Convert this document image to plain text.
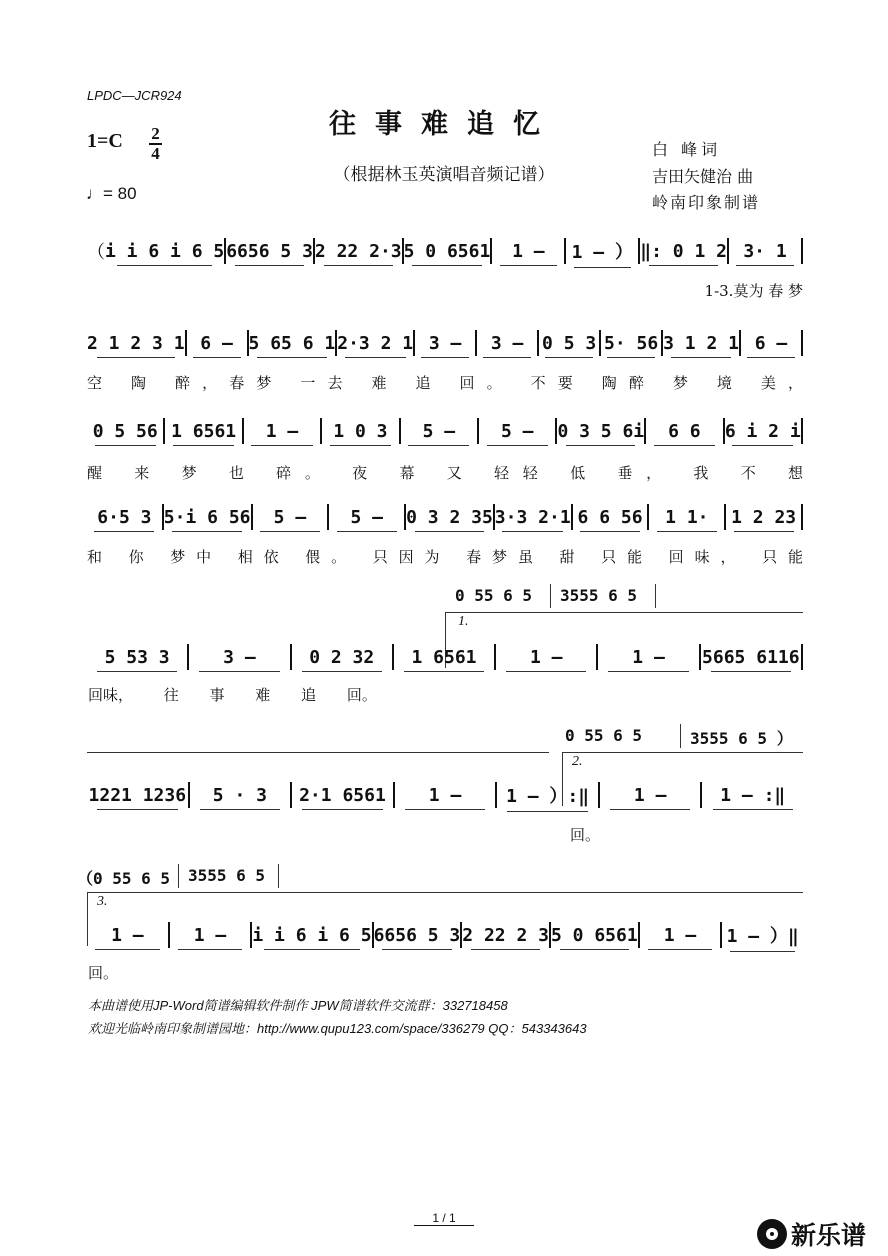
LPDC—JCR924
往事难追忆
（根据林玉英演唱音频记谱）
1=C 2
4
♩= 80
白 峰词
吉田矢健治 曲
岭南印象制谱
（ i i 6 i 6 5 6656 5 3 2 22 2·3 5 0 6561	1 –	1 – ） ‖: 0 1 2 3· 1
1-3.莫为 春 梦
2 1 2 3 1 6 – 5 65 6 1 2·3 2 1 3 –	3 –	0 5 3 5· 56 3 1 2 1 6 –
空 陶 醉，春梦 一去 难 追 回。 不要 陶醉 梦 境 美，
0 5 56 1 6561	1 –	1 0 3	5 –	5 –	0 3 5 6i	6 6	6 i 2 i
醒 来 梦 也 碎。 夜 幕 又 轻轻 低 垂， 我 不 想
6·5 3 5·i 6 56	5 –	5 –	0 3 2 35 3·3 2·1 6 6 56	1 1·	1 2 23
和 你 梦中 相依 偎。 只因为 春梦虽 甜 只能 回味， 只能
0 55 6 5 3555 6 5
1.
5 53 3	3 –	0 2 32	1 6561	1 –	1 –	5665 6116
回味， 往 事 难 追 回。
0 55 6 5	3555 6 5 ）
2.
1221 1236	5 · 3	2·1 6561	1 –	1 – ）:‖	1 –	1 – :‖
回。
（0 55 6 5 3555 6 5
3.
1 –	1 –	i i 6 i 6 5 6656 5 3 2 22 2 3 5 0 6561	1 –	1 – ）‖
回。
本曲谱使用JP-Word简谱编辑软件制作 JPW简谱软件交流群：332718458
欢迎光临岭南印象制谱园地：http://www.qupu123.com/space/336279 QQ：543343643
1 / 1
新乐谱
